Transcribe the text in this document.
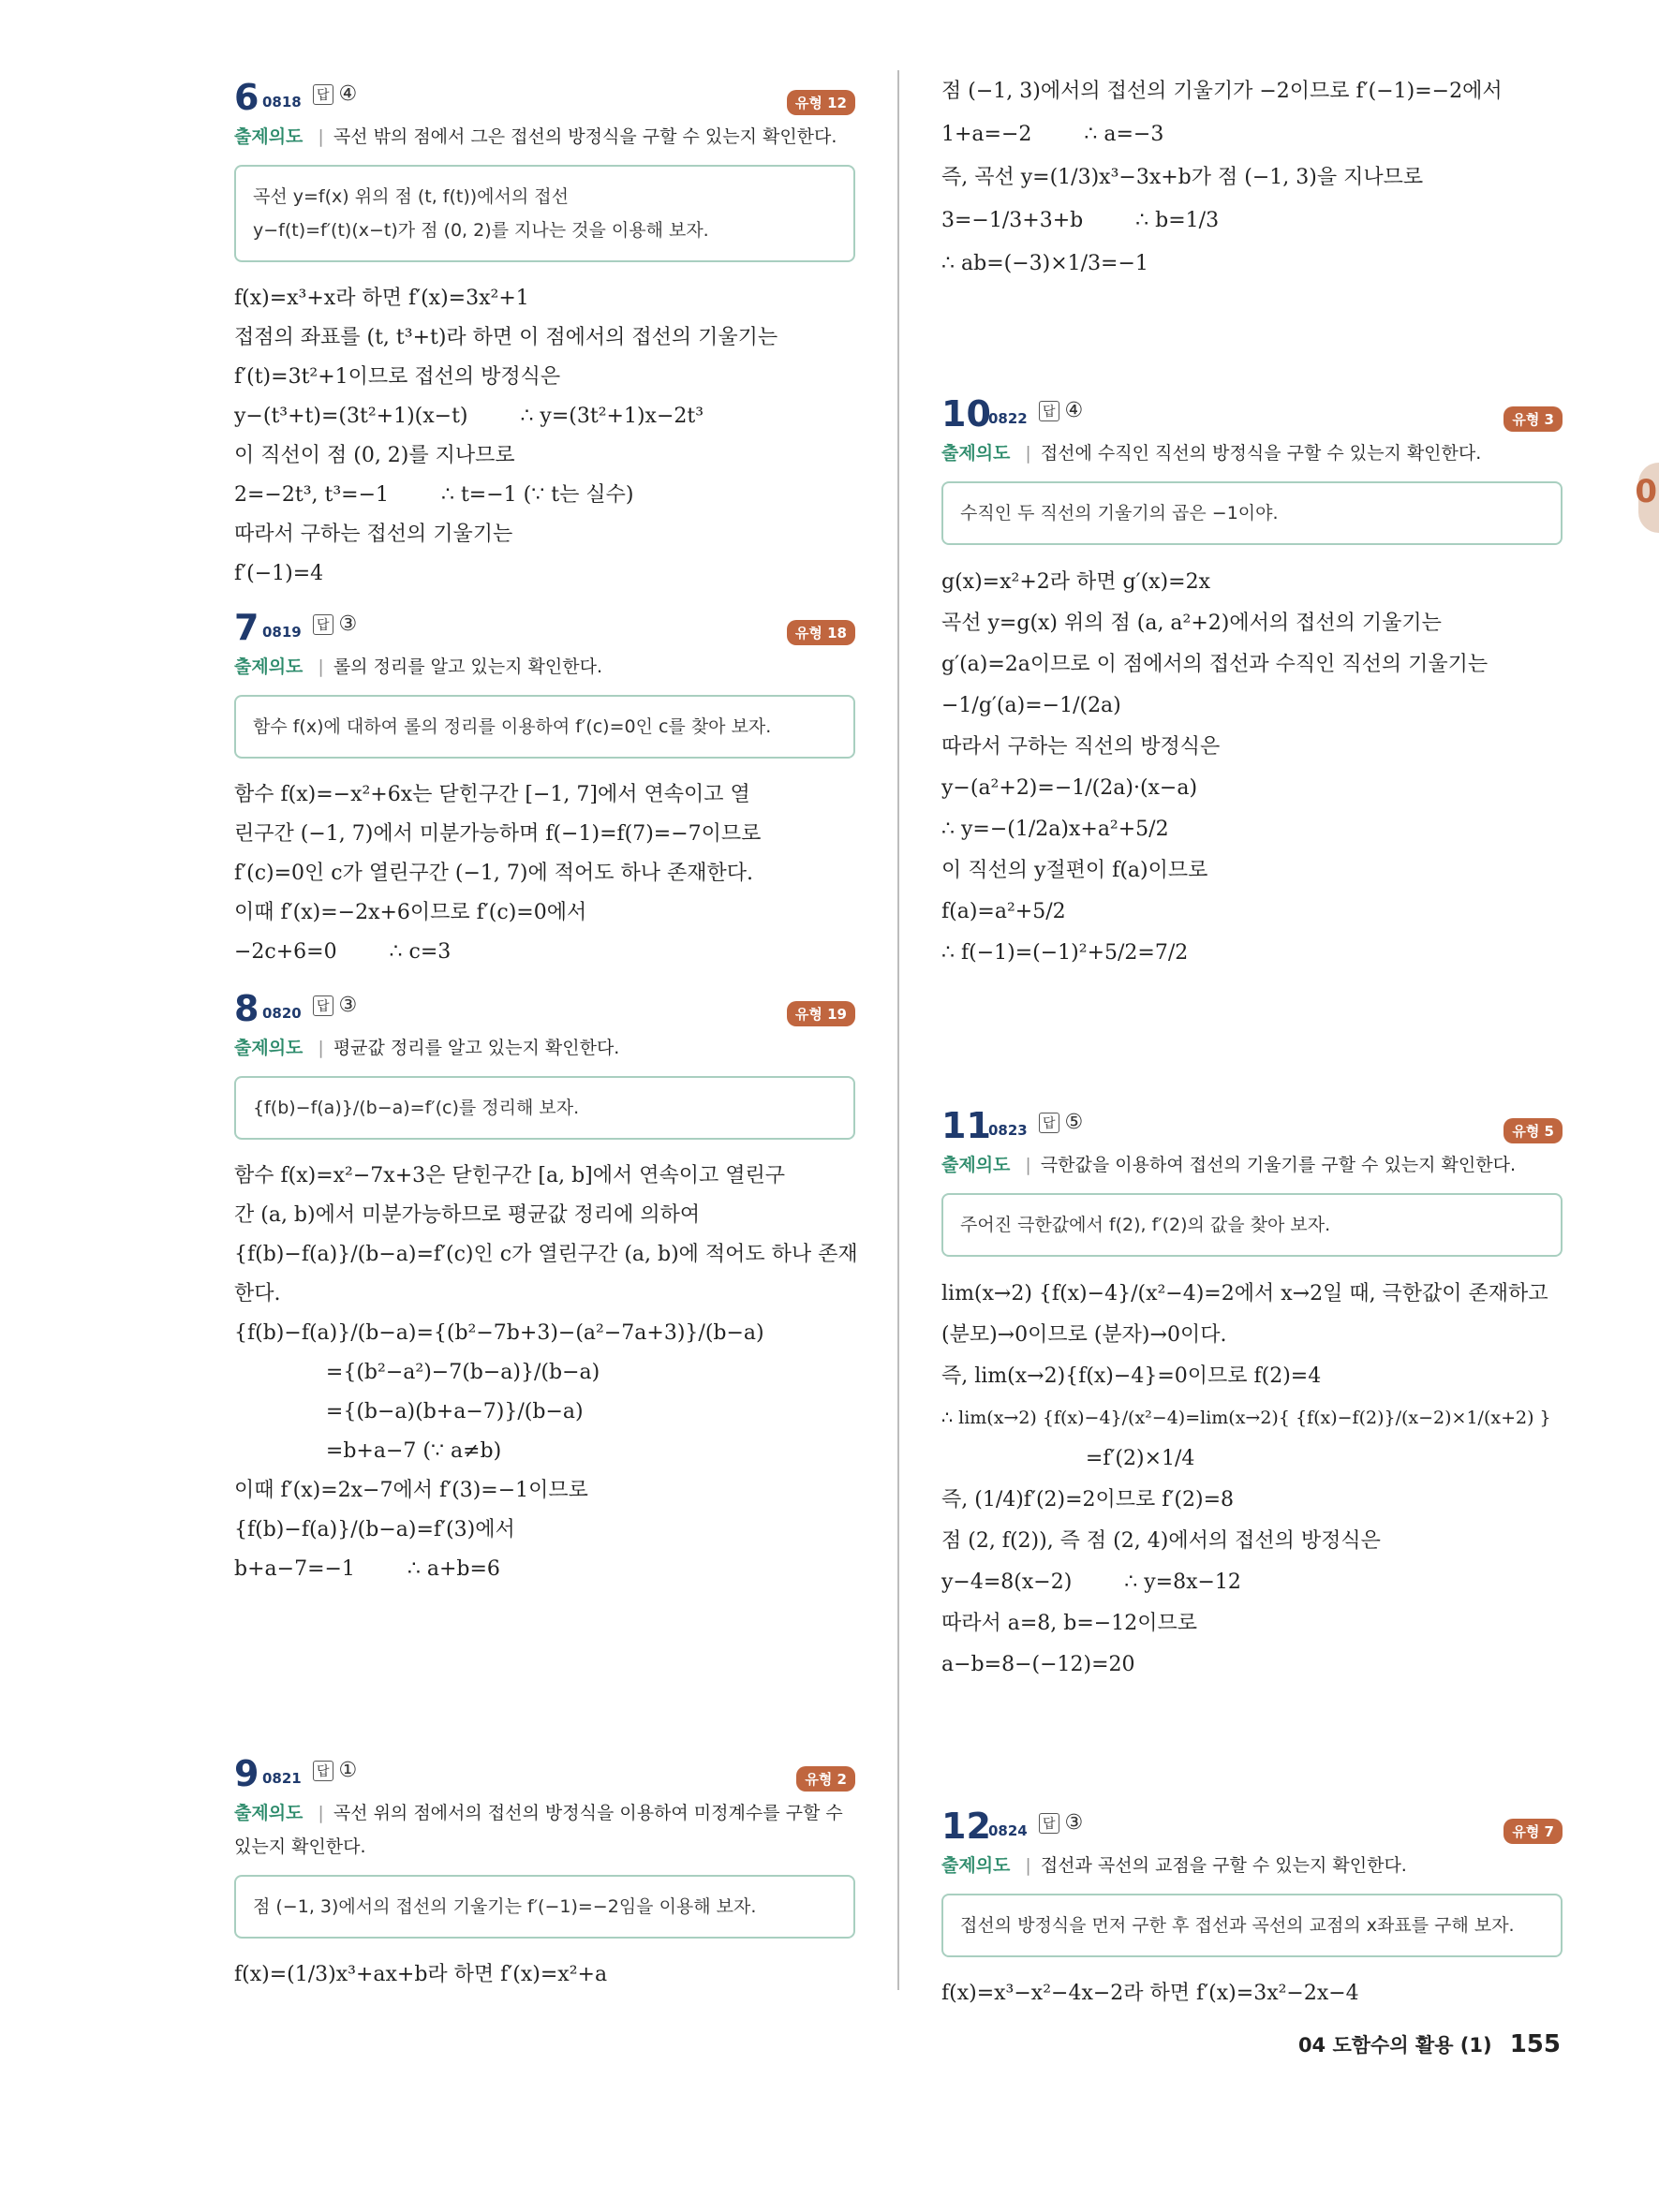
0
6 0818 답 ④	유형 12
출제의도 | 곡선 밖의 점에서 그은 접선의 방정식을 구할 수 있는지 확인한다.
곡선 y=f(x) 위의 점 (t, f(t))에서의 접선
y−f(t)=f′(t)(x−t)가 점 (0, 2)를 지나는 것을 이용해 보자.
f(x)=x³+x라 하면 f′(x)=3x²+1
접점의 좌표를 (t, t³+t)라 하면 이 점에서의 접선의 기울기는
f′(t)=3t²+1이므로 접선의 방정식은
y−(t³+t)=(3t²+1)(x−t)        ∴ y=(3t²+1)x−2t³
이 직선이 점 (0, 2)를 지나므로
2=−2t³, t³=−1        ∴ t=−1 (∵ t는 실수)
따라서 구하는 접선의 기울기는
f′(−1)=4
7 0819 답 ③	유형 18
출제의도 | 롤의 정리를 알고 있는지 확인한다.
함수 f(x)에 대하여 롤의 정리를 이용하여 f′(c)=0인 c를 찾아 보자.
함수 f(x)=−x²+6x는 닫힌구간 [−1, 7]에서 연속이고 열
린구간 (−1, 7)에서 미분가능하며 f(−1)=f(7)=−7이므로
f′(c)=0인 c가 열린구간 (−1, 7)에 적어도 하나 존재한다.
이때 f′(x)=−2x+6이므로 f′(c)=0에서
−2c+6=0        ∴ c=3
8 0820 답 ③	유형 19
출제의도 | 평균값 정리를 알고 있는지 확인한다.
{f(b)−f(a)}/(b−a)=f′(c)를 정리해 보자.
함수 f(x)=x²−7x+3은 닫힌구간 [a, b]에서 연속이고 열린구
간 (a, b)에서 미분가능하므로 평균값 정리에 의하여
{f(b)−f(a)}/(b−a)=f′(c)인 c가 열린구간 (a, b)에 적어도 하나 존재
한다.
{f(b)−f(a)}/(b−a)={(b²−7b+3)−(a²−7a+3)}/(b−a)
={(b²−a²)−7(b−a)}/(b−a)
={(b−a)(b+a−7)}/(b−a)
=b+a−7 (∵ a≠b)
이때 f′(x)=2x−7에서 f′(3)=−1이므로
{f(b)−f(a)}/(b−a)=f′(3)에서
b+a−7=−1        ∴ a+b=6
9 0821 답 ①	유형 2
출제의도 | 곡선 위의 점에서의 접선의 방정식을 이용하여 미정계수를 구할 수 있는지 확인한다.
점 (−1, 3)에서의 접선의 기울기는 f′(−1)=−2임을 이용해 보자.
f(x)=(1/3)x³+ax+b라 하면 f′(x)=x²+a
점 (−1, 3)에서의 접선의 기울기가 −2이므로 f′(−1)=−2에서
1+a=−2        ∴ a=−3
즉, 곡선 y=(1/3)x³−3x+b가 점 (−1, 3)을 지나므로
3=−1/3+3+b        ∴ b=1/3
∴ ab=(−3)×1/3=−1
10
0822 답 ④	유형 3
출제의도 | 접선에 수직인 직선의 방정식을 구할 수 있는지 확인한다.
수직인 두 직선의 기울기의 곱은 −1이야.
g(x)=x²+2라 하면 g′(x)=2x
곡선 y=g(x) 위의 점 (a, a²+2)에서의 접선의 기울기는
g′(a)=2a이므로 이 점에서의 접선과 수직인 직선의 기울기는
−1/g′(a)=−1/(2a)
따라서 구하는 직선의 방정식은
y−(a²+2)=−1/(2a)·(x−a)
∴ y=−(1/2a)x+a²+5/2
이 직선의 y절편이 f(a)이므로
f(a)=a²+5/2
∴ f(−1)=(−1)²+5/2=7/2
11
0823 답 ⑤	유형 5
출제의도 | 극한값을 이용하여 접선의 기울기를 구할 수 있는지 확인한다.
주어진 극한값에서 f(2), f′(2)의 값을 찾아 보자.
lim(x→2) {f(x)−4}/(x²−4)=2에서 x→2일 때, 극한값이 존재하고
(분모)→0이므로 (분자)→0이다.
즉, lim(x→2){f(x)−4}=0이므로 f(2)=4
∴ lim(x→2) {f(x)−4}/(x²−4)=lim(x→2){ {f(x)−f(2)}/(x−2)×1/(x+2) }
=f′(2)×1/4
즉, (1/4)f′(2)=2이므로 f′(2)=8
점 (2, f(2)), 즉 점 (2, 4)에서의 접선의 방정식은
y−4=8(x−2)        ∴ y=8x−12
따라서 a=8, b=−12이므로
a−b=8−(−12)=20
12
0824 답 ③	유형 7
출제의도 | 접선과 곡선의 교점을 구할 수 있는지 확인한다.
접선의 방정식을 먼저 구한 후 접선과 곡선의 교점의 x좌표를 구해 보자.
f(x)=x³−x²−4x−2라 하면 f′(x)=3x²−2x−4
04 도함수의 활용 (1) 155
